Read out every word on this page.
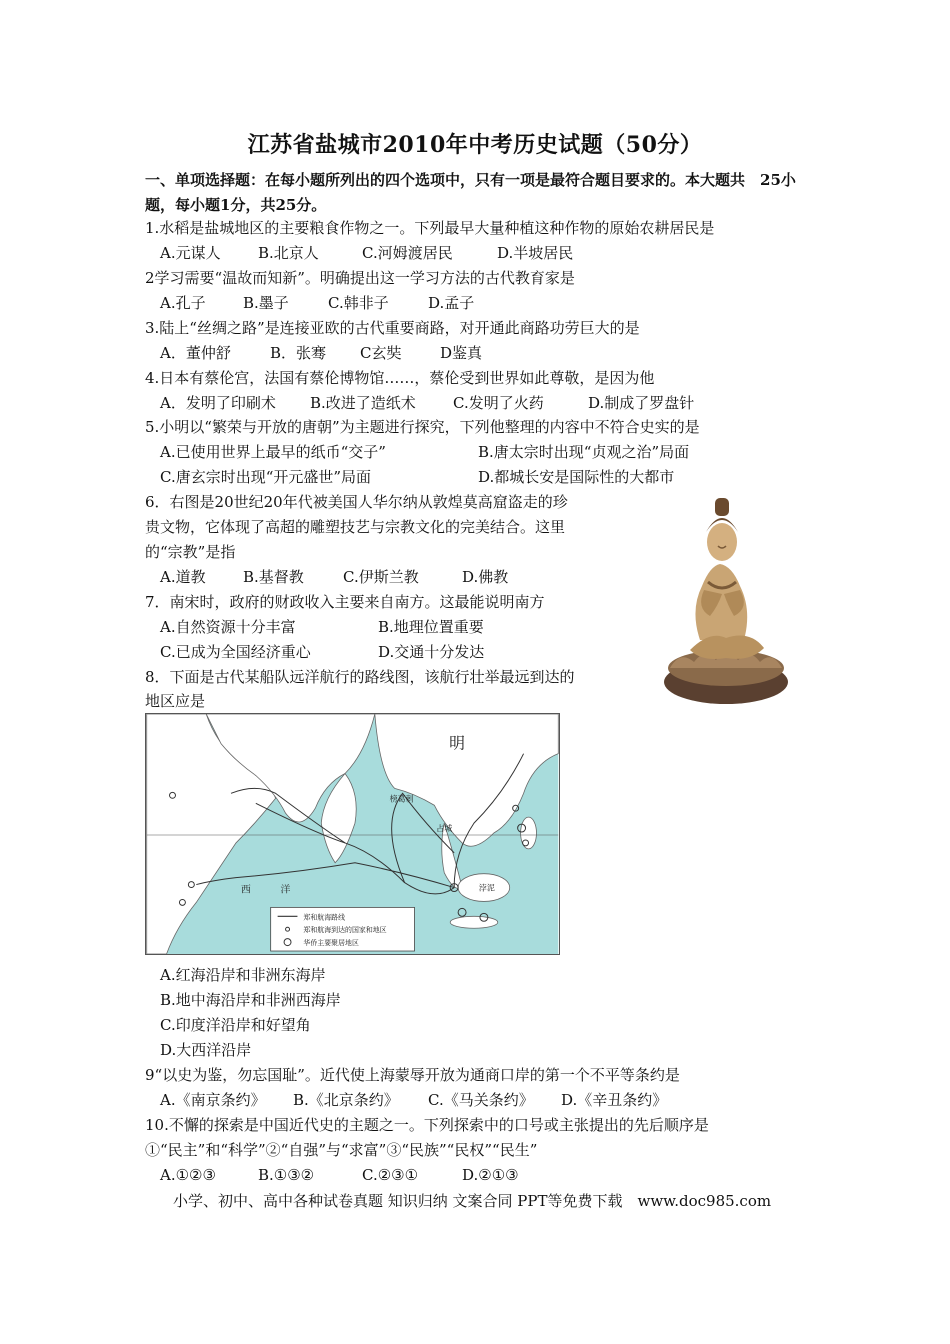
江苏省盐城市2010年中考历史试题（50分）
一、单项选择题：在每小题所列出的四个选项中，只有一项是最符合题目要求的。本大题共　25小题，每小题1分，共25分。
1.水稻是盐城地区的主要粮食作物之一。下列最早大量种植这种作物的原始农耕居民是
A.元谋人 B.北京人	C.河姆渡居民	D.半坡居民
2学习需要“温故而知新”。明确提出这一学习方法的古代教育家是
A.孔子 B.墨子	C.韩非子	D.孟子
3.陆上“丝绸之路”是连接亚欧的古代重要商路，对开通此商路功劳巨大的是
A．董仲舒	B．张骞 C玄奘	D鉴真
4.日本有蔡伦宫，法国有蔡伦博物馆……，蔡伦受到世界如此尊敬，是因为他
A．发明了印刷术 B.改进了造纸术 C.发明了火药	D.制成了罗盘针
5.小明以“繁荣与开放的唐朝”为主题进行探究，下列他整理的内容中不符合史实的是
A.已使用世界上最早的纸币“交子”	B.唐太宗时出现“贞观之治”局面
C.唐玄宗时出现“开元盛世”局面	D.都城长安是国际性的大都市
6．右图是20世纪20年代被美国人华尔纳从敦煌莫高窟盗走的珍
贵文物，它体现了高超的雕塑技艺与宗教文化的完美结合。这里
的“宗教”是指
A.道教 B.基督教	C.伊斯兰教	D.佛教
7．南宋时，政府的财政收入主要来自南方。这最能说明南方
A.自然资源十分丰富	B.地理位置重要
C.已成为全国经济重心	D.交通十分发达
8．下面是古代某船队远洋航行的路线图，该航行壮举最远到达的
地区应是
明
榜葛剌
占城
浡泥
西　　　洋
郑和航海路线
郑和航海到达的国家和地区
华侨主要聚居地区
A.红海沿岸和非洲东海岸
B.地中海沿岸和非洲西海岸
C.印度洋沿岸和好望角
D.大西洋沿岸
9“以史为鉴，勿忘国耻”。近代使上海蒙辱开放为通商口岸的第一个不平等条约是
A.《南京条约》 B.《北京条约》 C.《马关条约》 D.《辛丑条约》
10.不懈的探索是中国近代史的主题之一。下列探索中的口号或主张提出的先后顺序是
①“民主”和“科学”②“自强”与“求富”③“民族”“民权”“民生”
A.①②③	B.①③②	C.②③①	D.②①③
小学、初中、高中各种试卷真题 知识归纳 文案合同 PPT等免费下载　www.doc985.com
